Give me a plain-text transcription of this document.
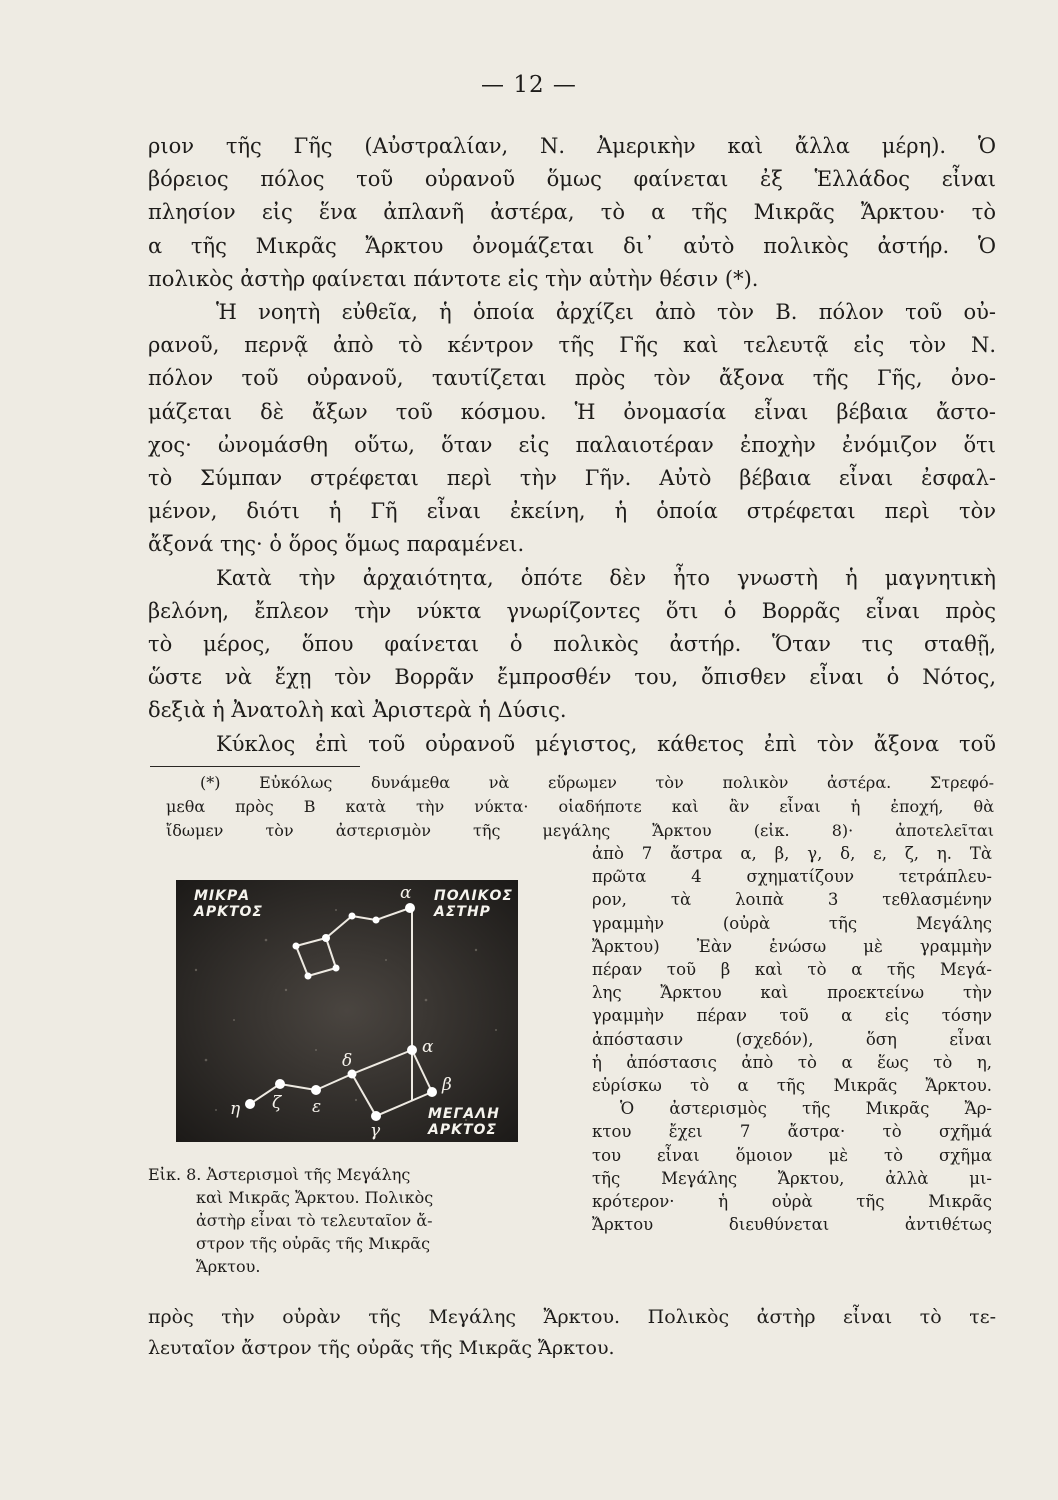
— 12 —
ριον τῆς Γῆς (Αὐστραλίαν, Ν. Ἀμερικὴν καὶ ἄλλα μέρη). Ὁ
βόρειος πόλος τοῦ οὐρανοῦ ὅμως φαίνεται ἐξ Ἑλλάδος εἶναι
πλησίον εἰς ἕνα ἀπλανῆ ἀστέρα, τὸ α τῆς Μικρᾶς Ἄρκτου· τὸ
α τῆς Μικρᾶς Ἄρκτου ὀνομάζεται δι᾿ αὐτὸ πολικὸς ἀστήρ. Ὁ
πολικὸς ἀστὴρ φαίνεται πάντοτε εἰς τὴν αὐτὴν θέσιν (*).
Ἡ νοητὴ εὐθεῖα, ἡ ὁποία ἀρχίζει ἀπὸ τὸν Β. πόλον τοῦ οὐ-
ρανοῦ, περνᾷ ἀπὸ τὸ κέντρον τῆς Γῆς καὶ τελευτᾷ εἰς τὸν Ν.
πόλον τοῦ οὐρανοῦ, ταυτίζεται πρὸς τὸν ἄξονα τῆς Γῆς, ὀνο-
μάζεται δὲ ἄξων τοῦ κόσμου. Ἡ ὀνομασία εἶναι βέβαια ἄστο-
χος· ὠνομάσθη οὕτω, ὅταν εἰς παλαιοτέραν ἐποχὴν ἐνόμιζον ὅτι
τὸ Σύμπαν στρέφεται περὶ τὴν Γῆν. Αὐτὸ βέβαια εἶναι ἐσφαλ-
μένον, διότι ἡ Γῆ εἶναι ἐκείνη, ἡ ὁποία στρέφεται περὶ τὸν
ἄξονά της· ὁ ὅρος ὅμως παραμένει.
Κατὰ τὴν ἀρχαιότητα, ὁπότε δὲν ἦτο γνωστὴ ἡ μαγνητικὴ
βελόνη, ἔπλεον τὴν νύκτα γνωρίζοντες ὅτι ὁ Βορρᾶς εἶναι πρὸς
τὸ μέρος, ὅπου φαίνεται ὁ πολικὸς ἀστήρ. Ὅταν τις σταθῇ,
ὥστε νὰ ἔχῃ τὸν Βορρᾶν ἔμπροσθέν του, ὄπισθεν εἶναι ὁ Νότος,
δεξιὰ ἡ Ἀνατολὴ καὶ Ἀριστερὰ ἡ Δύσις.
Κύκλος ἐπὶ τοῦ οὐρανοῦ μέγιστος, κάθετος ἐπὶ τὸν ἄξονα τοῦ
(*) Εὐκόλως δυνάμεθα νὰ εὕρωμεν τὸν πολικὸν ἀστέρα. Στρεφό-
μεθα πρὸς Β κατὰ τὴν νύκτα· οἱαδήποτε καὶ ἂν εἶναι ἡ ἐποχή, θὰ
ἴδωμεν τὸν ἀστερισμὸν τῆς μεγάλης Ἄρκτου (εἰκ. 8)· ἀποτελεῖται
ἀπὸ 7 ἄστρα α, β, γ, δ, ε, ζ, η. Τὰ
πρῶτα 4 σχηματίζουν τετράπλευ-
ρον, τὰ λοιπὰ 3 τεθλασμένην
γραμμὴν (οὐρὰ τῆς Μεγάλης
Ἄρκτου) Ἐὰν ἑνώσω μὲ γραμμὴν
πέραν τοῦ β καὶ τὸ α τῆς Μεγά-
λης Ἄρκτου καὶ προεκτείνω τὴν
γραμμὴν πέραν τοῦ α εἰς τόσην
ἀπόστασιν (σχεδόν), ὅση εἶναι
ἡ ἀπόστασις ἀπὸ τὸ α ἕως τὸ η,
εὑρίσκω τὸ α τῆς Μικρᾶς Ἄρκτου.
Ὁ ἀστερισμὸς τῆς Μικρᾶς Ἄρ-
κτου ἔχει 7 ἄστρα· τὸ σχῆμά
του εἶναι ὅμοιον μὲ τὸ σχῆμα
τῆς Μεγάλης Ἄρκτου, ἀλλὰ μι-
κρότερον· ἡ οὐρὰ τῆς Μικρᾶς
Ἄρκτου διευθύνεται ἀντιθέτως
α
α
β
γ
δ
ε
ζ
η
ΜΙΚΡΑ
ΑΡΚΤΟΣ
ΠΟΛΙΚΟΣ
ΑΣΤΗΡ
ΜΕΓΑΛΗ
ΑΡΚΤΟΣ
Εἰκ. 8. Ἀστερισμοὶ τῆς Μεγάλης
καὶ Μικρᾶς Ἄρκτου. Πολικὸς
ἀστὴρ εἶναι τὸ τελευταῖον ἄ-
στρον τῆς οὐρᾶς τῆς Μικρᾶς
Ἄρκτου.
πρὸς τὴν οὐρὰν τῆς Μεγάλης Ἄρκτου. Πολικὸς ἀστὴρ εἶναι τὸ τε-
λευταῖον ἄστρον τῆς οὐρᾶς τῆς Μικρᾶς Ἄρκτου.
